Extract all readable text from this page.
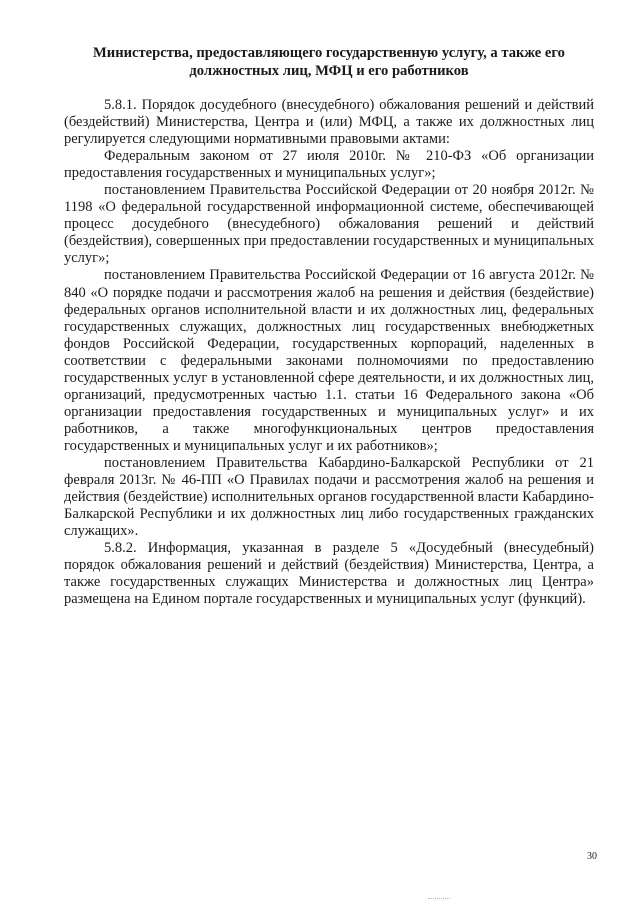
Министерства, предоставляющего государственную услугу, а также его должностных лиц, МФЦ и его работников

5.8.1. Порядок досудебного (внесудебного) обжалования решений и действий (бездействий) Министерства, Центра и (или) МФЦ, а также их должностных лиц регулируется следующими нормативными правовыми актами:

Федеральным законом от 27 июля 2010г. № 210-ФЗ «Об организации предоставления государственных и муниципальных услуг»;

постановлением Правительства Российской Федерации от 20 ноября 2012г. № 1198 «О федеральной государственной информационной системе, обеспечивающей процесс досудебного (внесудебного) обжалования решений и действий (бездействия), совершенных при предоставлении государственных и муниципальных услуг»;

постановлением Правительства Российской Федерации от 16 августа 2012г. № 840 «О порядке подачи и рассмотрения жалоб на решения и действия (бездействие) федеральных органов исполнительной власти и их должностных лиц, федеральных государственных служащих, должностных лиц государственных внебюджетных фондов Российской Федерации, государственных корпораций, наделенных в соответствии с федеральными законами полномочиями по предоставлению государственных услуг в установленной сфере деятельности, и их должностных лиц, организаций, предусмотренных частью 1.1. статьи 16 Федерального закона «Об организации предоставления государственных и муниципальных услуг» и их работников, а также многофункциональных центров предоставления государственных и муниципальных услуг и их работников»;

постановлением Правительства Кабардино-Балкарской Республики от 21 февраля 2013г. № 46-ПП «О Правилах подачи и рассмотрения жалоб на решения и действия (бездействие) исполнительных органов государственной власти Кабардино-Балкарской Республики и их должностных лиц либо государственных гражданских служащих».

5.8.2. Информация, указанная в разделе 5 «Досудебный (внесудебный) порядок обжалования решений и действий (бездействия) Министерства, Центра, а также государственных служащих Министерства и должностных лиц Центра» размещена на Едином портале государственных и муниципальных услуг (функций).

30
